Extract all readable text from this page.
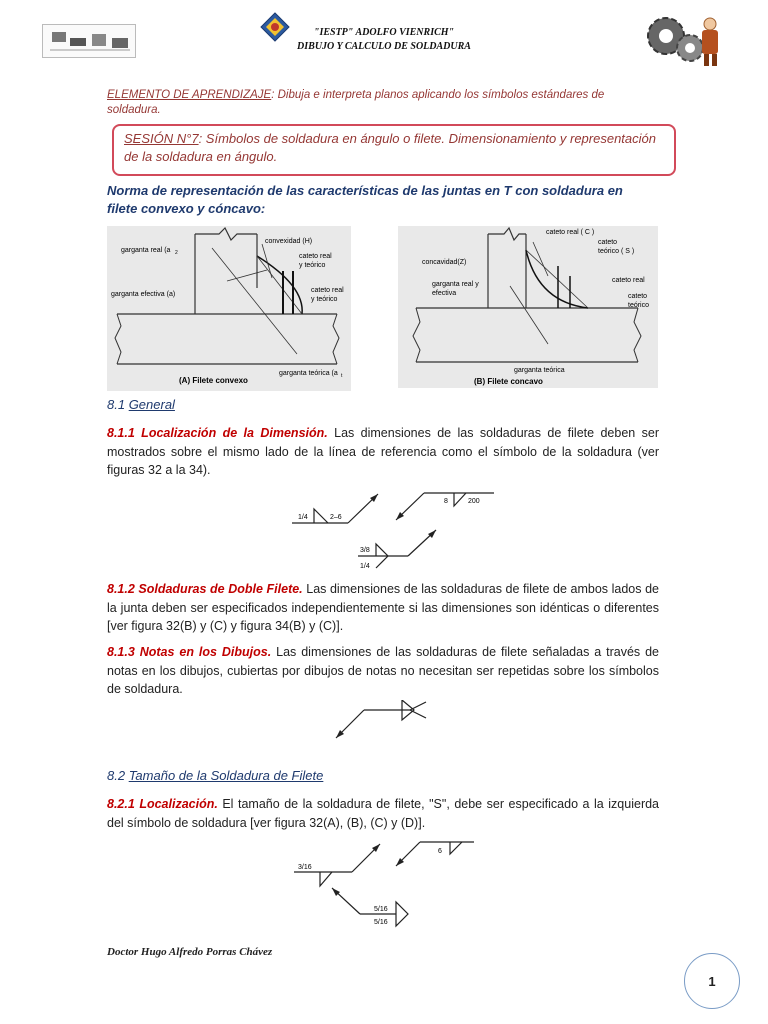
"IESTP" ADOLFO VIENRICH"
DIBUJO Y CALCULO DE SOLDADURA
ELEMENTO DE APRENDIZAJE: Dibuja e interpreta planos aplicando los símbolos estándares de soldadura.
SESIÓN N°7: Símbolos de soldadura en ángulo o filete. Dimensionamiento y representación de la soldadura en ángulo.
Norma de representación de las características de las juntas en T con soldadura en filete convexo y cóncavo:
garganta real (a 2
convexidad (H)
cateto real
y teórico
garganta efectiva (a)
cateto real
y teórico
garganta teórica (a t
(A) Filete convexo
cateto real ( C )
cateto
teórico ( S )
concavidad(Z)
garganta real y
efectiva
cateto real
cateto
teórico
garganta teórica
(B) Filete concavo
8.1 General
8.1.1 Localización de la Dimensión. Las dimensiones de las soldaduras de filete deben ser mostrados sobre el mismo lado de la línea de referencia como el símbolo de la soldadura (ver figuras 32 a la 34).
1/4	2–6
8	200
3/8
1/4
8.1.2 Soldaduras de Doble Filete. Las dimensiones de las soldaduras de filete de ambos lados de la junta deben ser especificados independientemente si las dimensiones son idénticas o diferentes [ver figura 32(B) y (C) y figura 34(B) y (C)].
8.1.3 Notas en los Dibujos. Las dimensiones de las soldaduras de filete señaladas a través de notas en los dibujos, cubiertas por dibujos de notas no necesitan ser repetidas sobre los símbolos de soldadura.
8.2 Tamaño de la Soldadura de Filete
8.2.1 Localización. El tamaño de la soldadura de filete, "S", debe ser especificado a la izquierda del símbolo de soldadura [ver figura 32(A), (B), (C) y (D)].
3/16
6
5/16
5/16
Doctor Hugo Alfredo Porras Chávez
1
